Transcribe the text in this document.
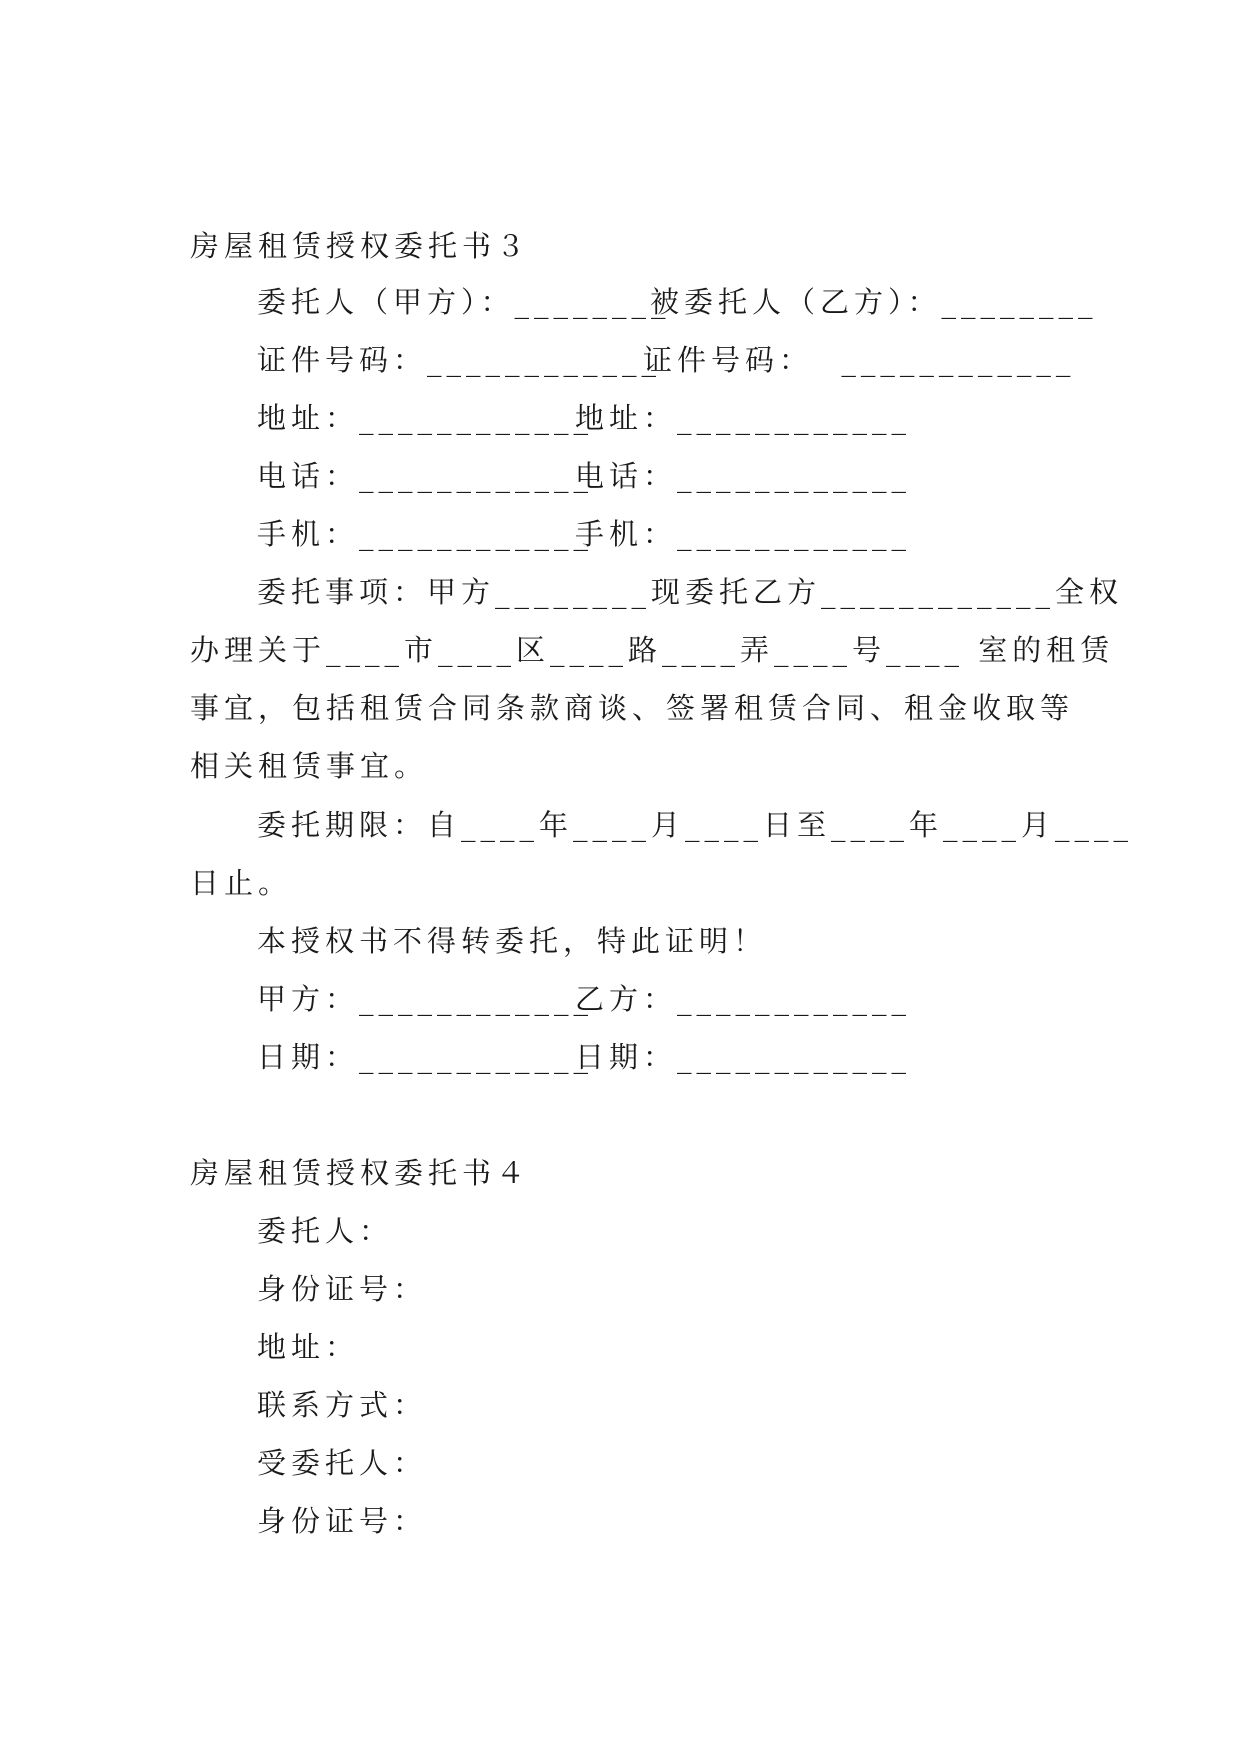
房屋租赁授权委托书３
委托人（甲方）：________
被委托人（乙方）：________
证件号码：____________
证件号码：  ____________
地址：____________
地址：____________
电话：____________
电话：____________
手机：____________
手机：____________
委托事项：甲方________现委托乙方____________全权
办理关于____市____区____路____弄____号____ 室的租赁
事宜，包括租赁合同条款商谈、签署租赁合同、租金收取等
相关租赁事宜。
委托期限：自____年____月____日至____年____月____
日止。
本授权书不得转委托，特此证明！
甲方：____________
乙方：____________
日期：____________
日期：____________
房屋租赁授权委托书４
委托人：
身份证号：
地址：
联系方式：
受委托人：
身份证号：
